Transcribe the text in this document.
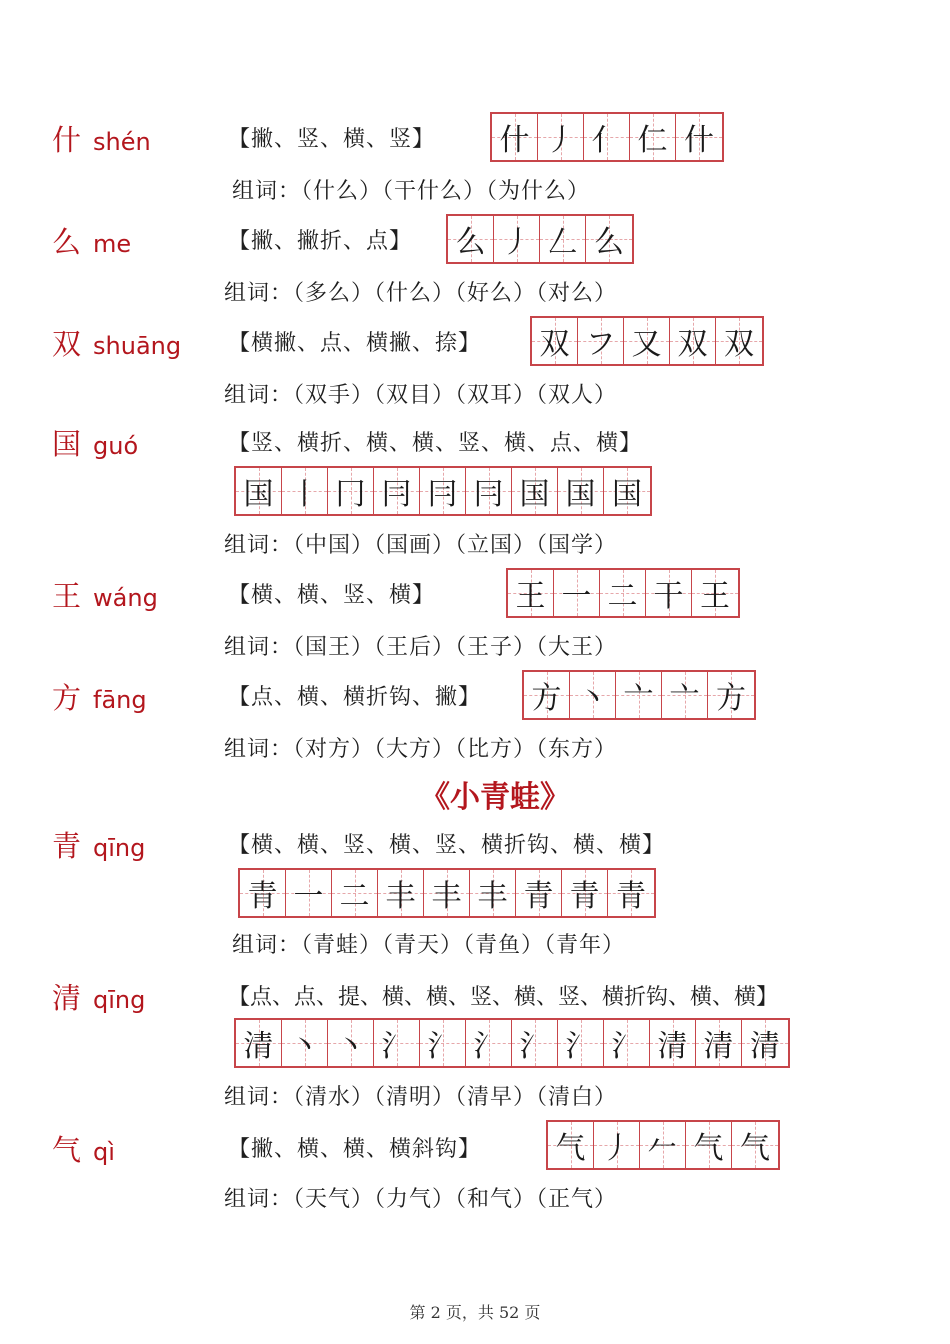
什 shén	【撇、竖、横、竖】 什 丿 亻 仁 什
组词：（什么）（干什么）（为什么）
么 me	【撇、撇折、点】 么 丿 𠃋 么
组词：（多么）（什么）（好么）（对么）
双 shuāng 【横撇、点、横撇、捺】 双 フ 又 双 双
组词：（双手）（双目）（双耳）（双人）
国 guó	【竖、横折、横、横、竖、横、点、横】
国 丨 冂 冃 冃 冃 国 国 国
组词：（中国）（国画）（立国）（国学）
王 wáng	【横、横、竖、横】	王 一 二 干 王
组词：（国王）（王后）（王子）（大王）
方 fāng	【点、横、横折钩、撇】 方 丶 亠 亠 方
组词：（对方）（大方）（比方）（东方）
《小青蛙》
青 qīng	【横、横、竖、横、竖、横折钩、横、横】
青 一 二 丰 丰 丰 青 青 青
组词：（青蛙）（青天）（青鱼）（青年）
清 qīng	【点、点、提、横、横、竖、横、竖、横折钩、横、横】
清 丶 丶 氵 氵 氵 氵 氵 氵 清 清 清
组词：（清水）（清明）（清早）（清白）
气 qì	【撇、横、横、横斜钩】 气 丿 𠂉 气 气
组词：（天气）（力气）（和气）（正气）
第 2 页，共 52 页
